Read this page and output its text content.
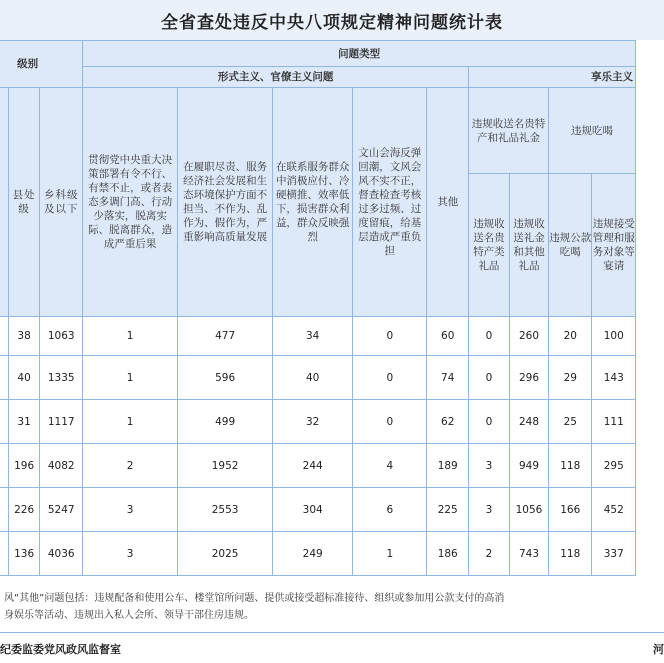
全省查处违反中央八项规定精神问题统计表
级别			问题类型								
			形式主义、官僚主义问题						享乐主义		
	县处级	乡科级及以下	贯彻党中央重大决策部署有令不行、有禁不止，或者表态多调门高、行动少落实，脱离实际、脱离群众，造成严重后果	在履职尽责、服务经济社会发展和生态环境保护方面不担当、不作为、乱作为、假作为，严重影响高质量发展	在联系服务群众中消极应付、冷硬横推、效率低下，损害群众利益，群众反映强烈	文山会海反弹回潮，文风会风不实不正，督查检查考核过多过频、过度留痕，给基层造成严重负担	其他	违规收送名贵特产和礼品礼金		违规吃喝	
								违规收送名贵特产类礼品	违规收送礼金和其他礼品	违规公款吃喝	违规接受管理和服务对象等宴请
	38	1063	1	477	34	0	60	0	260	20	100
	40	1335	1	596	40	0	74	0	296	29	143
	31	1117	1	499	32	0	62	0	248	25	111
	196	4082	2	1952	244	4	189	3	949	118	295
	226	5247	3	2553	304	6	225	3	1056	166	452
	136	4036	3	2025	249	1	186	2	743	118	337
风“其他”问题包括：违规配备和使用公车、楼堂馆所问题、提供或接受超标准接待、组织或参加用公款支付的高消
身娱乐等活动、违规出入私人会所、领导干部住房违规。
纪委监委党风政风监督室	河
